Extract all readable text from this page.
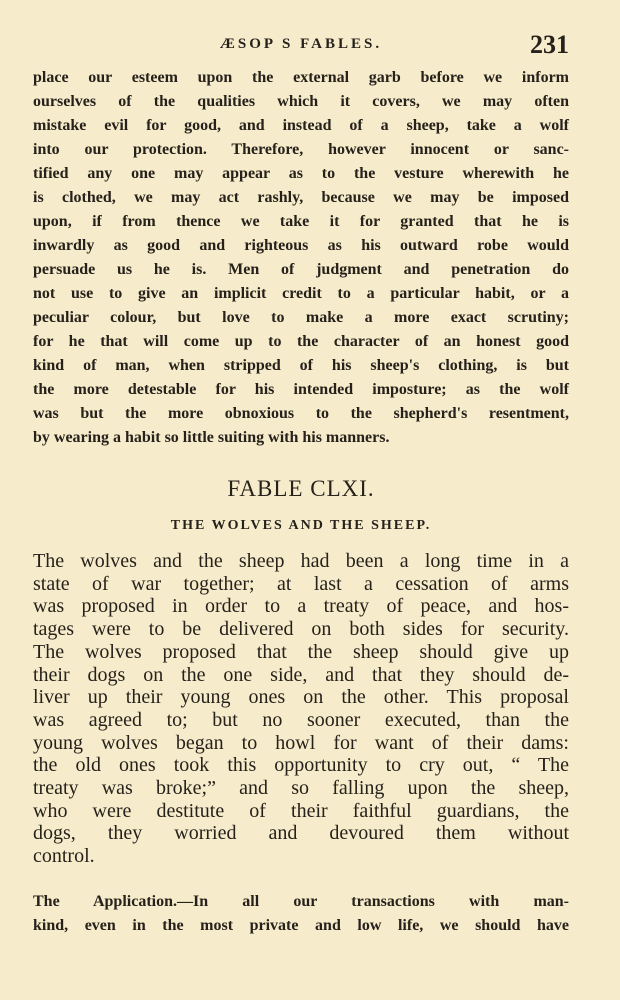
ÆSOP S FABLES.	231
place our esteem upon the external garb before we inform
ourselves of the qualities which it covers, we may often
mistake evil for good, and instead of a sheep, take a wolf
into our protection. Therefore, however innocent or sanc-
tified any one may appear as to the vesture wherewith he
is clothed, we may act rashly, because we may be imposed
upon, if from thence we take it for granted that he is
inwardly as good and righteous as his outward robe would
persuade us he is. Men of judgment and penetration do
not use to give an implicit credit to a particular habit, or a
peculiar colour, but love to make a more exact scrutiny;
for he that will come up to the character of an honest good
kind of man, when stripped of his sheep's clothing, is but
the more detestable for his intended imposture; as the wolf
was but the more obnoxious to the shepherd's resentment,
by wearing a habit so little suiting with his manners.
FABLE CLXI.
THE WOLVES AND THE SHEEP.
The wolves and the sheep had been a long time in a
state of war together; at last a cessation of arms
was proposed in order to a treaty of peace, and hos-
tages were to be delivered on both sides for security.
The wolves proposed that the sheep should give up
their dogs on the one side, and that they should de-
liver up their young ones on the other. This proposal
was agreed to; but no sooner executed, than the
young wolves began to howl for want of their dams:
the old ones took this opportunity to cry out, “ The
treaty was broke;” and so falling upon the sheep,
who were destitute of their faithful guardians, the
dogs, they worried and devoured them without
control.
The Application.—In all our transactions with man-
kind, even in the most private and low life, we should have
